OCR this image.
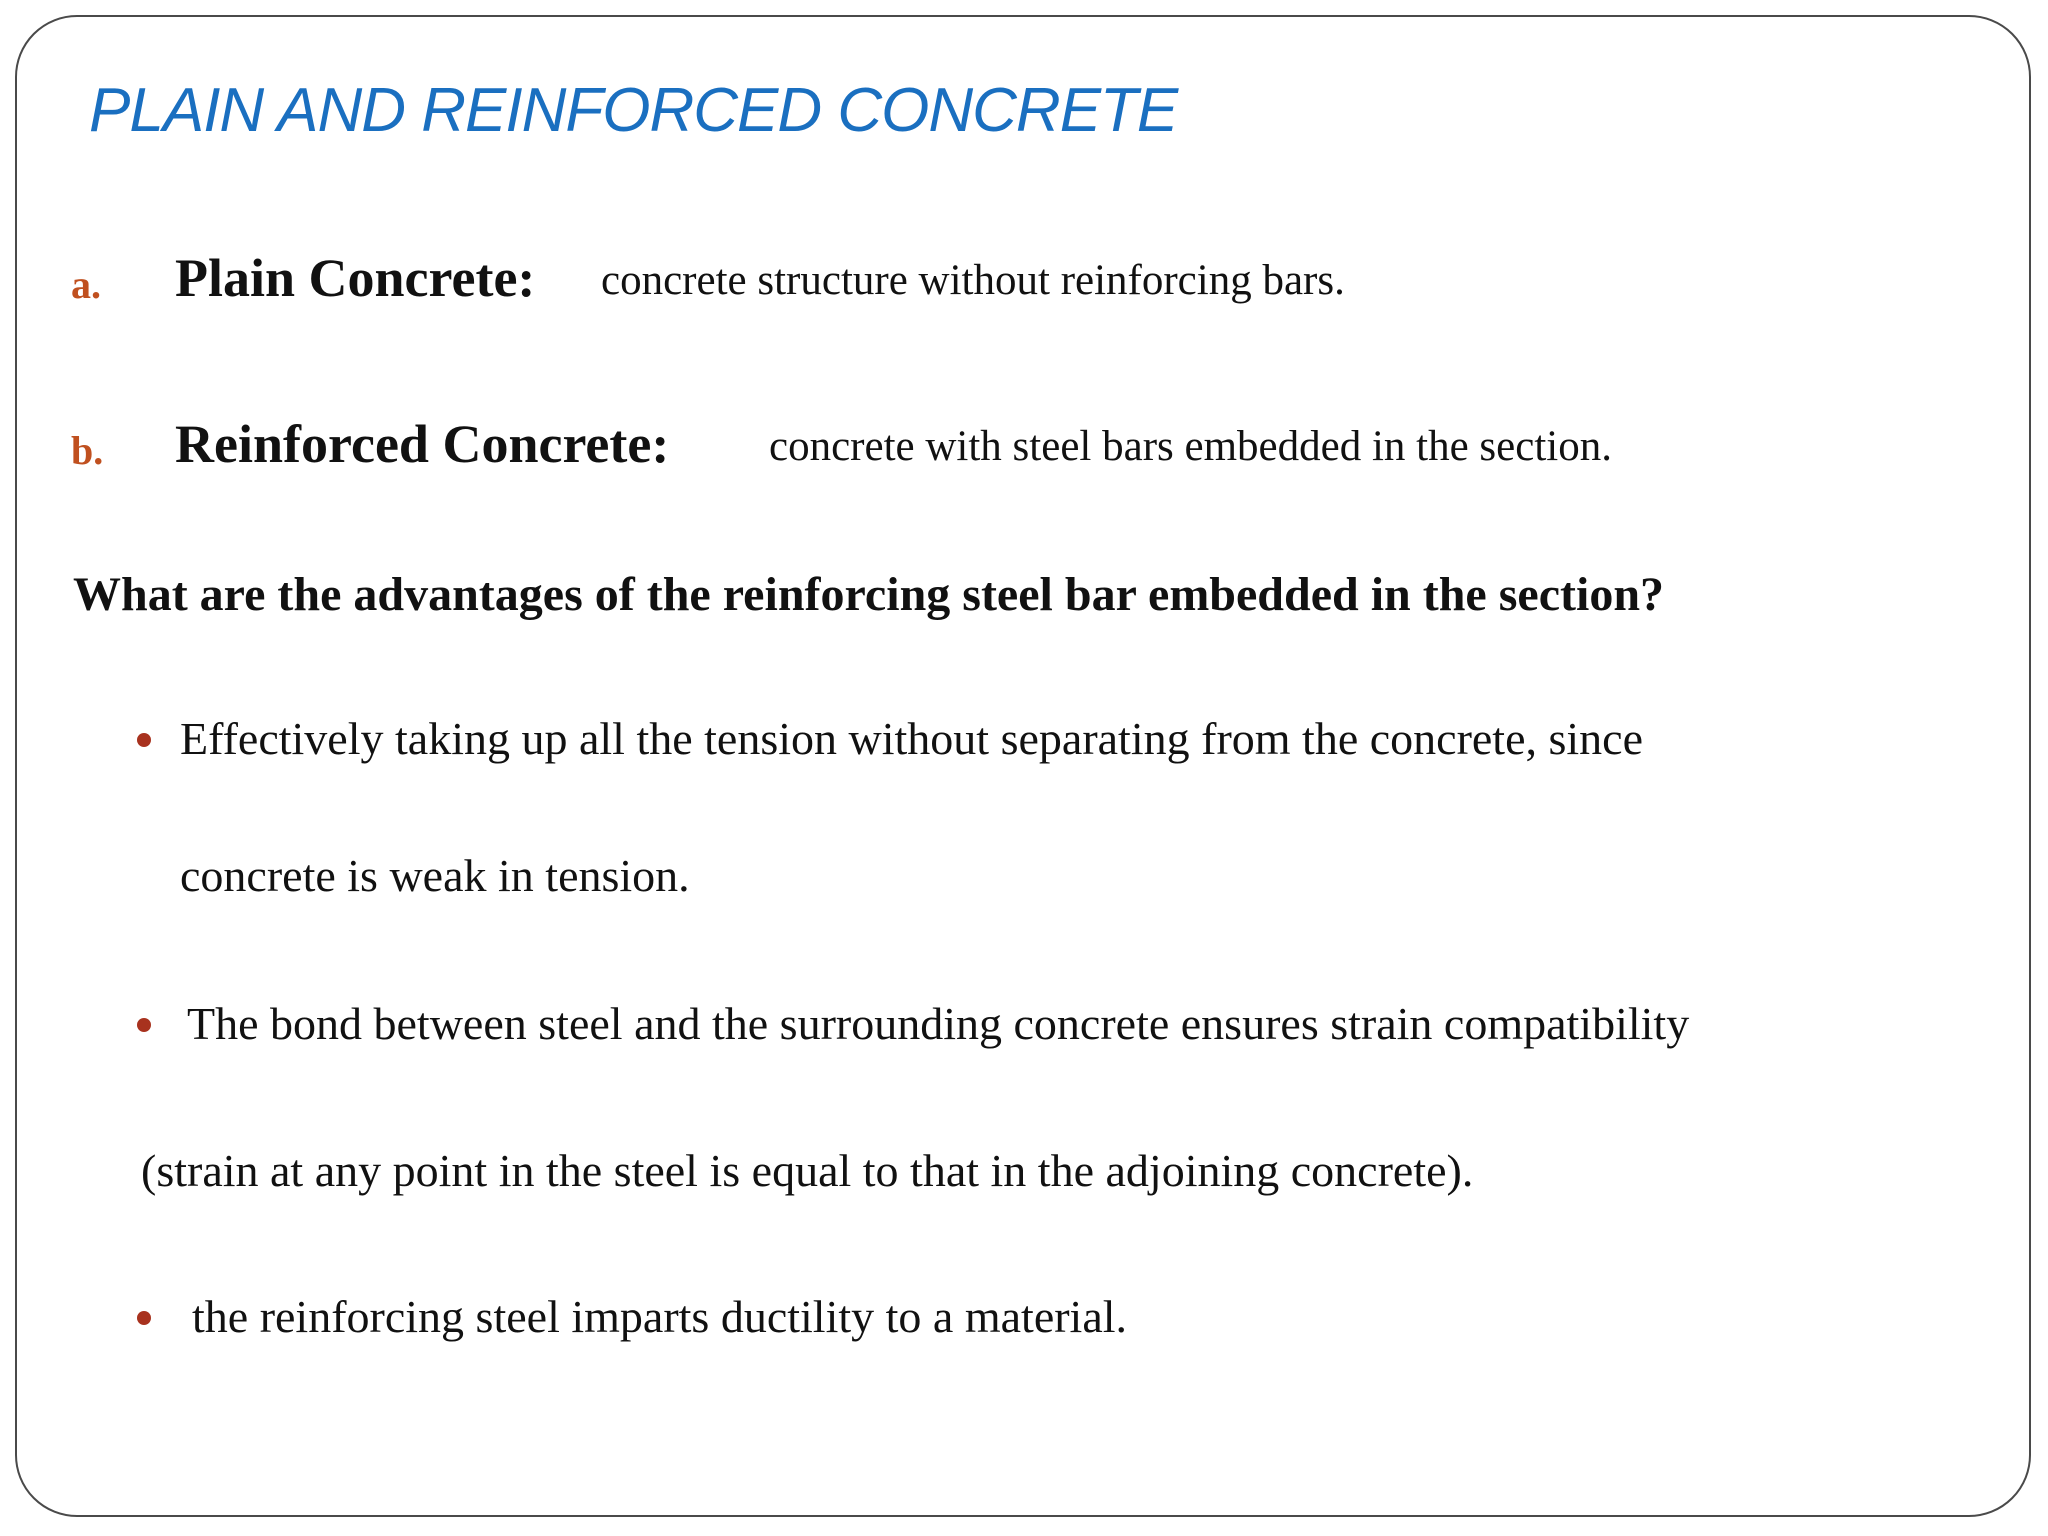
PLAIN AND REINFORCED CONCRETE
a. Plain Concrete: concrete structure without reinforcing bars.
b. Reinforced Concrete: concrete with steel bars embedded in the section.
What are the advantages of the reinforcing steel bar embedded in the section?
Effectively taking up all the tension without separating from the concrete, since
concrete is weak in tension.
The bond between steel and the surrounding concrete ensures strain compatibility
(strain at any point in the steel is equal to that in the adjoining concrete).
the reinforcing steel imparts ductility to a material.
